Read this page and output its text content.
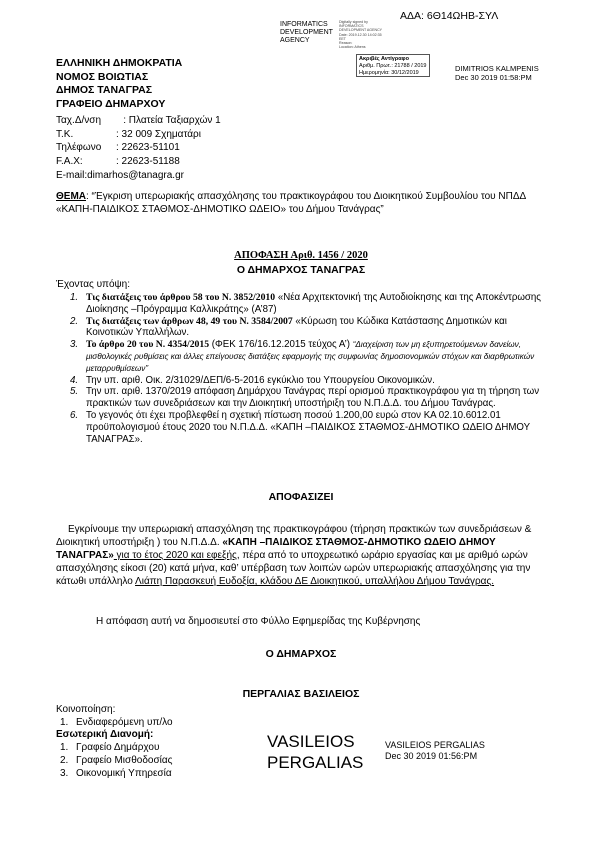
ΑΔΑ: 6Θ14ΩΗΒ-ΣΥΛ
INFORMATICS
DEVELOPMENT
AGENCY
Digitally signed by
INFORMATICS
DEVELOPMENT AGENCY
Date: 2019.12.30 14:02:35
EET
Reason:
Location: Athens
Ακριβές Αντίγραφο
Αριθμ. Πρωτ.: 21788 / 2019
Ημερομηνία: 30/12/2019	DIMITRIOS KALMPENIS
Dec 30 2019 01:58:PM
ΕΛΛΗΝΙΚΗ ΔΗΜΟΚΡΑΤΙΑ
ΝΟΜΟΣ ΒΟΙΩΤΙΑΣ
ΔΗΜΟΣ ΤΑΝΑΓΡΑΣ
ΓΡΑΦΕΙΟ ΔΗΜΑΡΧΟΥ
Ταχ.Δ/νση        : Πλατεία Ταξιαρχών 1
Τ.Κ.	: 32 009 Σχηματάρι
Τηλέφωνο : 22623-51101
F.A.X:	: 22623-51188
E-mail:dimarhos@tanagra.gr
ΘΕΜΑ: “Έγκριση υπερωριακής απασχόλησης του πρακτικογράφου του Διοικητικού Συμβουλίου του ΝΠΔΔ «ΚΑΠΗ-ΠΑΙΔΙΚΟΣ ΣΤΑΘΜΟΣ-ΔΗΜΟΤΙΚΟ ΩΔΕΙΟ» του Δήμου Τανάγρας”
ΑΠΟΦΑΣΗ Αριθ. 1456 / 2020
Ο ΔΗΜΑΡΧΟΣ ΤΑΝΑΓΡΑΣ
Έχοντας υπόψη:
1. Τις διατάξεις του άρθρου 58 του Ν. 3852/2010 «Νέα Αρχιτεκτονική της Αυτοδιοίκησης και της Αποκέντρωσης Διοίκησης –Πρόγραμμα Καλλικράτης» (Α’87)
2. Τις διατάξεις των άρθρων 48, 49 του Ν. 3584/2007 «Κύρωση του Κώδικα Κατάστασης Δημοτικών και Κοινοτικών Υπαλλήλων.
3. Το άρθρο 20 του Ν. 4354/2015 (ΦΕΚ 176/16.12.2015 τεύχος Α’) “Διαχείριση των μη εξυπηρετούμενων δανείων, μισθολογικές ρυθμίσεις και άλλες επείγουσες διατάξεις εφαρμογής της συμφωνίας δημοσιονομικών στόχων και διαρθρωτικών μεταρρυθμίσεων”
4. Την υπ. αριθ. Οικ. 2/31029/ΔΕΠ/6-5-2016 εγκύκλιο του Υπουργείου Οικονομικών.
5. Την υπ. αριθ. 1370/2019 απόφαση Δημάρχου Τανάγρας περί ορισμού πρακτικογράφου για τη τήρηση των πρακτικών των συνεδριάσεων και την Διοικητική υποστήριξη του Ν.Π.Δ.Δ. του Δήμου Τανάγρας.
6. Το γεγονός ότι έχει προβλεφθεί η σχετική πίστωση ποσού 1.200,00 ευρώ στον ΚΑ 02.10.6012.01 προϋπολογισμού έτους 2020 του Ν.Π.Δ.Δ. «ΚΑΠΗ –ΠΑΙΔΙΚΟΣ ΣΤΑΘΜΟΣ-ΔΗΜΟΤΙΚΟ ΩΔΕΙΟ ΔΗΜΟΥ ΤΑΝΑΓΡΑΣ».
ΑΠΟΦΑΣΙΖΕΙ
Εγκρίνουμε την υπερωριακή απασχόληση της πρακτικογράφου (τήρηση πρακτικών των συνεδριάσεων & Διοικητική υποστήριξη ) του Ν.Π.Δ.Δ. «ΚΑΠΗ –ΠΑΙΔΙΚΟΣ ΣΤΑΘΜΟΣ-ΔΗΜΟΤΙΚΟ ΩΔΕΙΟ ΔΗΜΟΥ ΤΑΝΑΓΡΑΣ» για το έτος 2020 και εφεξής, πέρα από το υποχρεωτικό ωράριο εργασίας και με αριθμό ωρών απασχόλησης είκοσι (20) κατά μήνα, καθ’ υπέρβαση των λοιπών ωρών υπερωριακής απασχόλησης για την κάτωθι υπάλληλο Λιάπη Παρασκευή Ευδοξία, κλάδου ΔΕ Διοικητικού, υπαλλήλου Δήμου Τανάγρας.
Η απόφαση αυτή να δημοσιευτεί στο Φύλλο Εφημερίδας της Κυβέρνησης
Ο ΔΗΜΑΡΧΟΣ
ΠΕΡΓΑΛΙΑΣ ΒΑΣΙΛΕΙΟΣ
Κοινοποίηση:
1. Ενδιαφερόμενη υπ/λο
Εσωτερική Διανομή:
1. Γραφείο Δημάρχου
2. Γραφείο Μισθοδοσίας
3. Οικονομική Υπηρεσία
VASILEIOS
PERGALIAS
VASILEIOS PERGALIAS
Dec 30 2019 01:56:PM
